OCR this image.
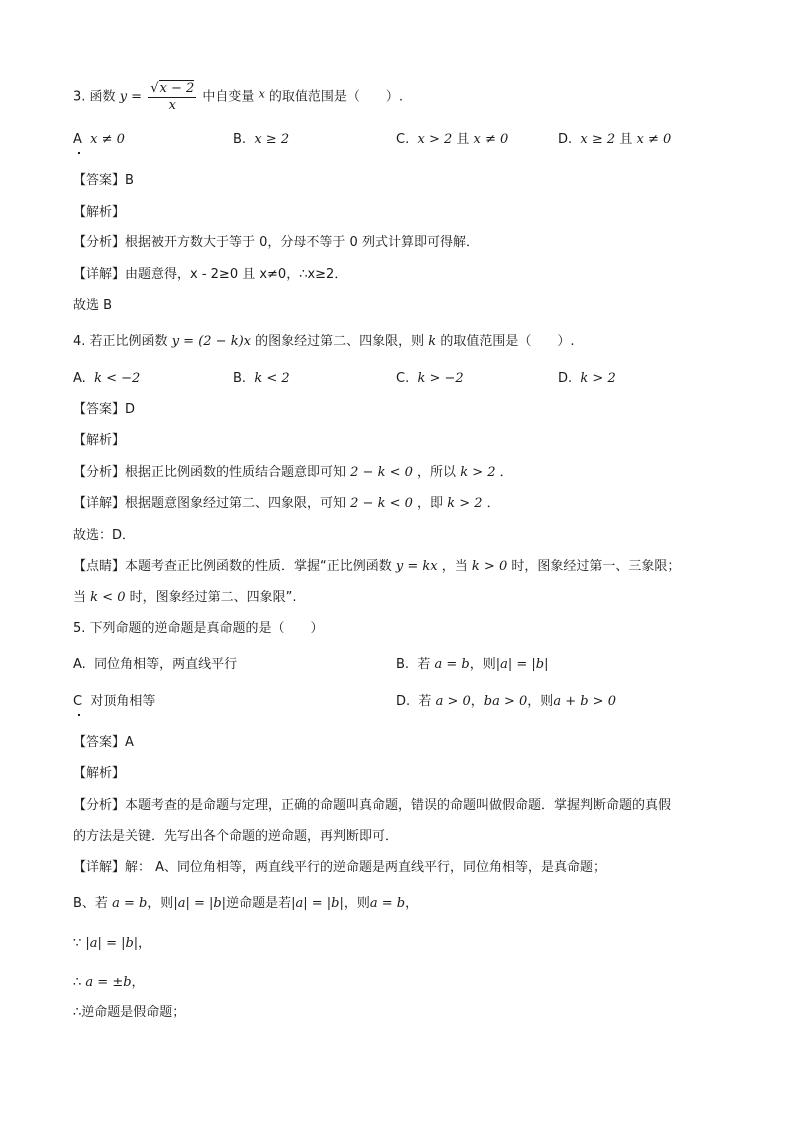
3. 函数 $y = \frac{√x - 2}{x}$ 中自变量 $^x$ 的取值范围是（　　）.
A x ≠ 0	B. x ≥ 2	C. x > 2 且 x ≠ 0	D. x ≥ 2 且 x ≠ 0
【答案】B
【解析】
【分析】根据被开方数大于等于 0，分母不等于 0 列式计算即可得解．
【详解】由题意得，x - 2≥0 且 x≠0，∴x≥2．
故选 B
4. 若正比例函数 y = (2 − k)x 的图象经过第二、四象限，则 k 的取值范围是（　　）.
A. k < −2	B. k < 2	C. k > −2	D. k > 2
【答案】D
【解析】
【分析】根据正比例函数的性质结合题意即可知 2 − k < 0 ，所以 k > 2 ．
【详解】根据题意图象经过第二、四象限，可知 2 − k < 0 ，即 k > 2 ．
故选：D．
【点睛】本题考查正比例函数的性质．掌握“正比例函数 y = kx ，当 k > 0 时，图象经过第一、三象限；
当 k < 0 时，图象经过第二、四象限”.
5. 下列命题的逆命题是真命题的是（　　）
A. 同位角相等，两直线平行	B. 若 a = b，则|a| = |b|
C 对顶角相等	D. 若 a > 0，ba > 0，则a + b > 0
【答案】A
【解析】
【分析】本题考查的是命题与定理，正确的命题叫真命题，错误的命题叫做假命题．掌握判断命题的真假
的方法是关键．先写出各个命题的逆命题，再判断即可．
【详解】解： A、同位角相等，两直线平行的逆命题是两直线平行，同位角相等，是真命题；
B、若 a = b，则|a| = |b|逆命题是若|a| = |b|，则a = b，
∵ |a| = |b|，
∴ a = ±b，
∴逆命题是假命题；
